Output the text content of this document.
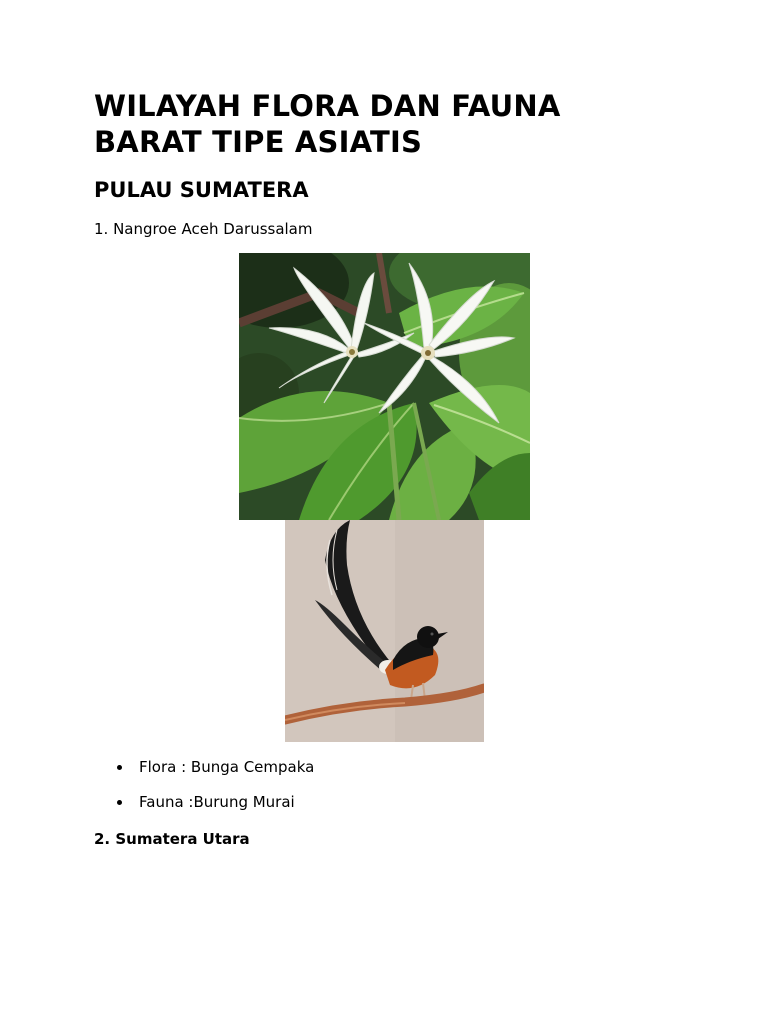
WILAYAH FLORA DAN FAUNA
BARAT TIPE ASIATIS
PULAU SUMATERA

1. Nangroe Aceh Darussalam

Flora : Bunga Cempaka
Fauna :Burung Murai

2. Sumatera Utara
